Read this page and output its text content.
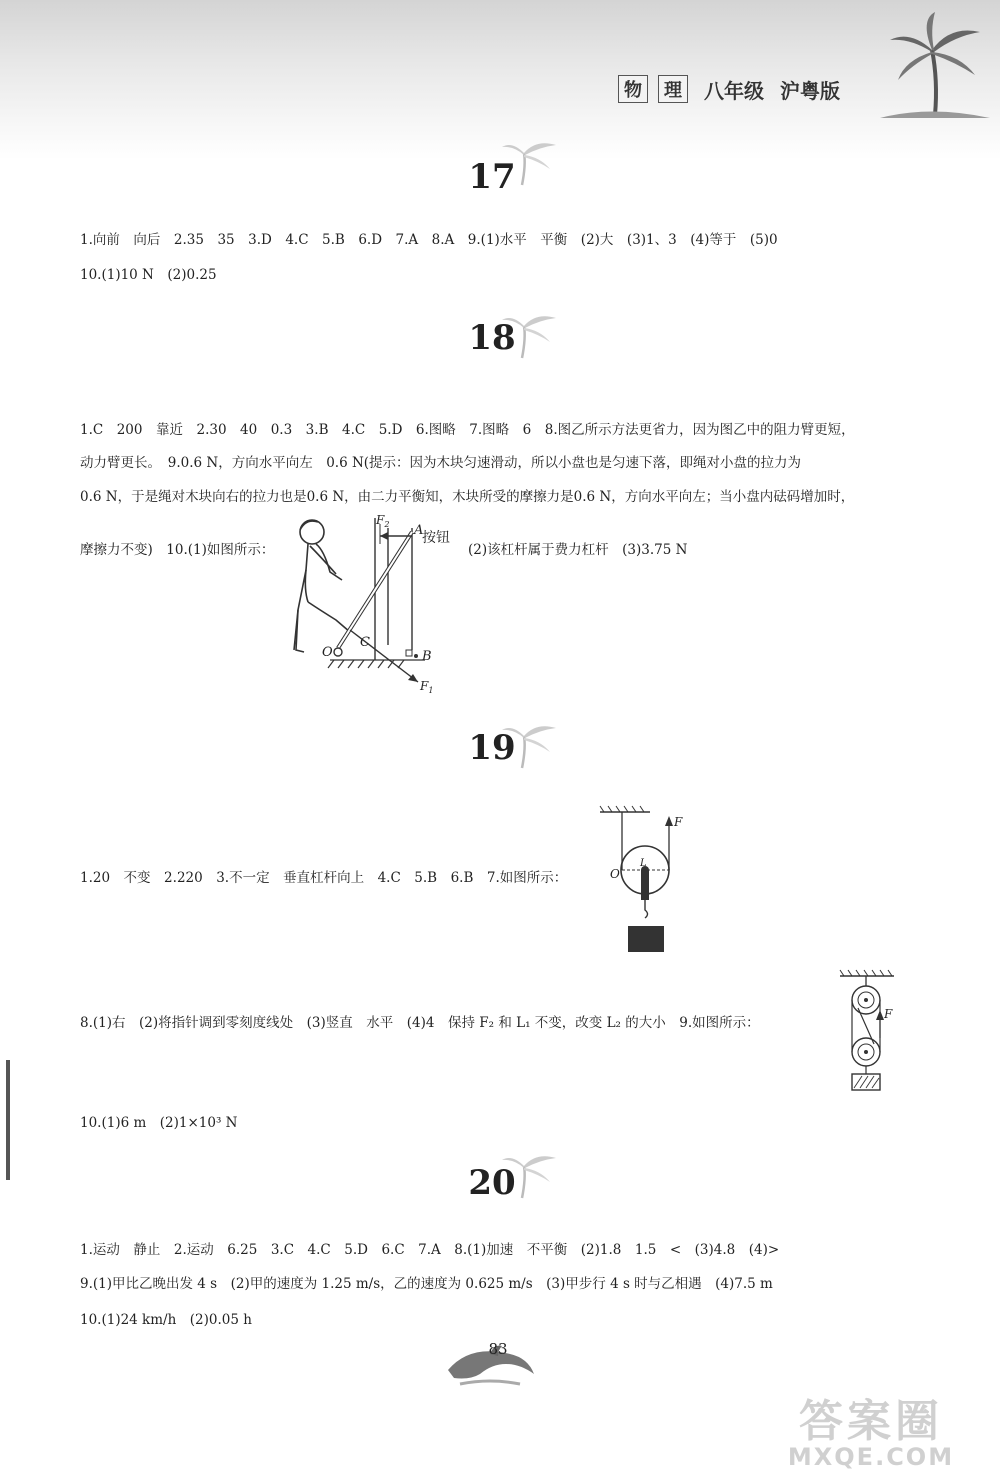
物 理 八年级 沪粤版
17
1.向前　向后　2.35　35　3.D　4.C　5.B　6.D　7.A　8.A　9.(1)水平　平衡　(2)大　(3)1、3　(4)等于　(5)0
10.(1)10 N　(2)0.25
18
1.C　200　靠近　2.30　40　0.3　3.B　4.C　5.D　6.图略　7.图略　6　8.图乙所示方法更省力，因为图乙中的阻力臂更短，
动力臂更长。　9.0.6 N，方向水平向左　0.6 N(提示：因为木块匀速滑动，所以小盘也是匀速下落，即绳对小盘的拉力为
0.6 N，于是绳对木块向右的拉力也是0.6 N，由二力平衡知，木块所受的摩擦力是0.6 N，方向水平向左；当小盘内砝码增加时，
摩擦力不变)　10.(1)如图所示：	(2)该杠杆属于费力杠杆　(3)3.75 N
A
按钮
B
C
O
$F_1$
$F_2$
19
1.20　不变　2.220　3.不一定　垂直杠杆向上　4.C　5.B　6.B　7.如图所示：
F
O
L
8.(1)右　(2)将指针调到零刻度线处　(3)竖直　水平　(4)4　保持 F₂ 和 L₁ 不变，改变 L₂ 的大小　9.如图所示：
F
10.(1)6 m　(2)1×10³ N
20
1.运动　静止　2.运动　6.25　3.C　4.C　5.D　6.C　7.A　8.(1)加速　不平衡　(2)1.8　1.5　<　(3)4.8　(4)>
9.(1)甲比乙晚出发 4 s　(2)甲的速度为 1.25 m/s，乙的速度为 0.625 m/s　(3)甲步行 4 s 时与乙相遇　(4)7.5 m
10.(1)24 km/h　(2)0.05 h
83
答案圈
MXQE.COM
